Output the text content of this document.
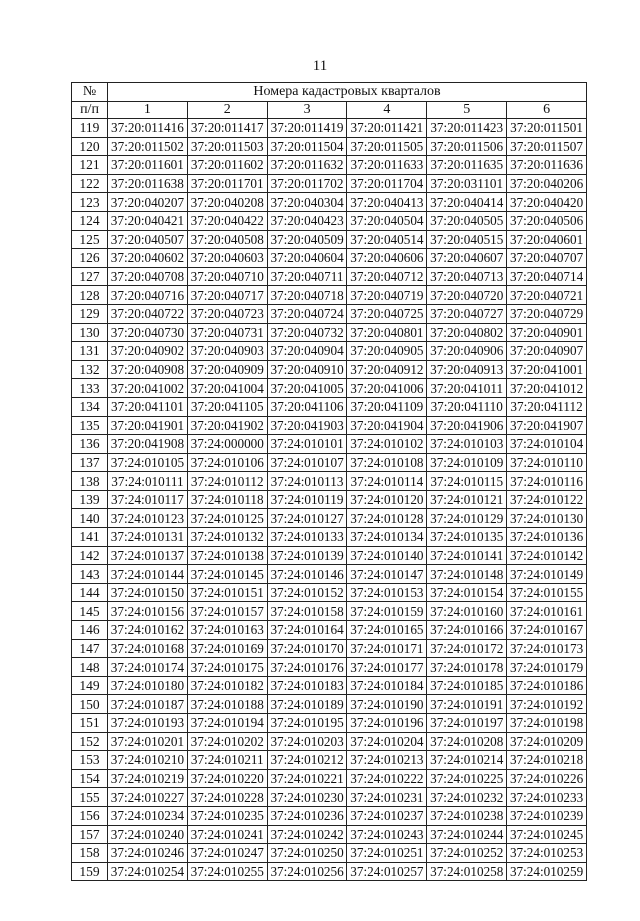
11
№	Номера кадастровых кварталов					
п/п	1	2	3	4	5	6
119	37:20:011416	37:20:011417	37:20:011419	37:20:011421	37:20:011423	37:20:011501
120	37:20:011502	37:20:011503	37:20:011504	37:20:011505	37:20:011506	37:20:011507
121	37:20:011601	37:20:011602	37:20:011632	37:20:011633	37:20:011635	37:20:011636
122	37:20:011638	37:20:011701	37:20:011702	37:20:011704	37:20:031101	37:20:040206
123	37:20:040207	37:20:040208	37:20:040304	37:20:040413	37:20:040414	37:20:040420
124	37:20:040421	37:20:040422	37:20:040423	37:20:040504	37:20:040505	37:20:040506
125	37:20:040507	37:20:040508	37:20:040509	37:20:040514	37:20:040515	37:20:040601
126	37:20:040602	37:20:040603	37:20:040604	37:20:040606	37:20:040607	37:20:040707
127	37:20:040708	37:20:040710	37:20:040711	37:20:040712	37:20:040713	37:20:040714
128	37:20:040716	37:20:040717	37:20:040718	37:20:040719	37:20:040720	37:20:040721
129	37:20:040722	37:20:040723	37:20:040724	37:20:040725	37:20:040727	37:20:040729
130	37:20:040730	37:20:040731	37:20:040732	37:20:040801	37:20:040802	37:20:040901
131	37:20:040902	37:20:040903	37:20:040904	37:20:040905	37:20:040906	37:20:040907
132	37:20:040908	37:20:040909	37:20:040910	37:20:040912	37:20:040913	37:20:041001
133	37:20:041002	37:20:041004	37:20:041005	37:20:041006	37:20:041011	37:20:041012
134	37:20:041101	37:20:041105	37:20:041106	37:20:041109	37:20:041110	37:20:041112
135	37:20:041901	37:20:041902	37:20:041903	37:20:041904	37:20:041906	37:20:041907
136	37:20:041908	37:24:000000	37:24:010101	37:24:010102	37:24:010103	37:24:010104
137	37:24:010105	37:24:010106	37:24:010107	37:24:010108	37:24:010109	37:24:010110
138	37:24:010111	37:24:010112	37:24:010113	37:24:010114	37:24:010115	37:24:010116
139	37:24:010117	37:24:010118	37:24:010119	37:24:010120	37:24:010121	37:24:010122
140	37:24:010123	37:24:010125	37:24:010127	37:24:010128	37:24:010129	37:24:010130
141	37:24:010131	37:24:010132	37:24:010133	37:24:010134	37:24:010135	37:24:010136
142	37:24:010137	37:24:010138	37:24:010139	37:24:010140	37:24:010141	37:24:010142
143	37:24:010144	37:24:010145	37:24:010146	37:24:010147	37:24:010148	37:24:010149
144	37:24:010150	37:24:010151	37:24:010152	37:24:010153	37:24:010154	37:24:010155
145	37:24:010156	37:24:010157	37:24:010158	37:24:010159	37:24:010160	37:24:010161
146	37:24:010162	37:24:010163	37:24:010164	37:24:010165	37:24:010166	37:24:010167
147	37:24:010168	37:24:010169	37:24:010170	37:24:010171	37:24:010172	37:24:010173
148	37:24:010174	37:24:010175	37:24:010176	37:24:010177	37:24:010178	37:24:010179
149	37:24:010180	37:24:010182	37:24:010183	37:24:010184	37:24:010185	37:24:010186
150	37:24:010187	37:24:010188	37:24:010189	37:24:010190	37:24:010191	37:24:010192
151	37:24:010193	37:24:010194	37:24:010195	37:24:010196	37:24:010197	37:24:010198
152	37:24:010201	37:24:010202	37:24:010203	37:24:010204	37:24:010208	37:24:010209
153	37:24:010210	37:24:010211	37:24:010212	37:24:010213	37:24:010214	37:24:010218
154	37:24:010219	37:24:010220	37:24:010221	37:24:010222	37:24:010225	37:24:010226
155	37:24:010227	37:24:010228	37:24:010230	37:24:010231	37:24:010232	37:24:010233
156	37:24:010234	37:24:010235	37:24:010236	37:24:010237	37:24:010238	37:24:010239
157	37:24:010240	37:24:010241	37:24:010242	37:24:010243	37:24:010244	37:24:010245
158	37:24:010246	37:24:010247	37:24:010250	37:24:010251	37:24:010252	37:24:010253
159	37:24:010254	37:24:010255	37:24:010256	37:24:010257	37:24:010258	37:24:010259
